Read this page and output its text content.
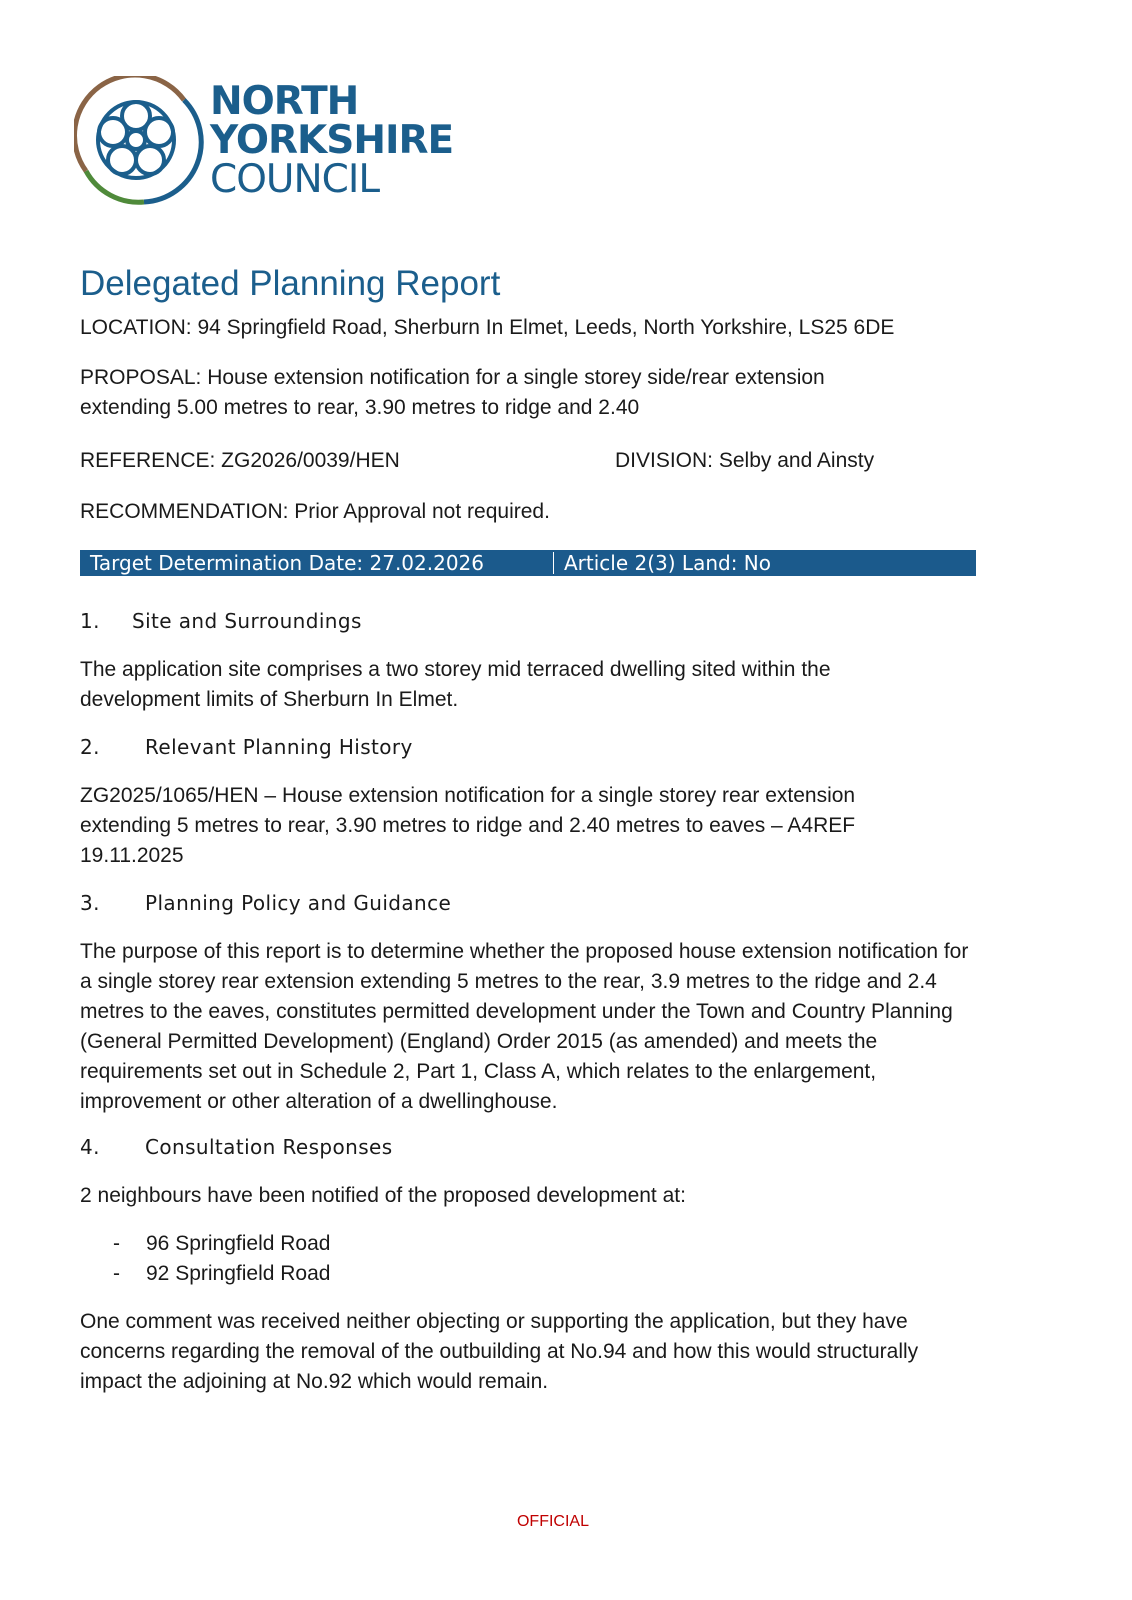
NORTH
YORKSHIRE
COUNCIL
Delegated Planning Report

LOCATION: 94 Springfield Road, Sherburn In Elmet, Leeds, North Yorkshire, LS25 6DE

PROPOSAL: House extension notification for a single storey side/rear extension extending 5.00 metres to rear, 3.90 metres to ridge and 2.40

REFERENCE: ZG2026/0039/HEN	DIVISION: Selby and Ainsty

RECOMMENDATION: Prior Approval not required.

Target Determination Date: 27.02.2026	Article 2(3) Land: No
1. Site and Surroundings

The application site comprises a two storey mid terraced dwelling sited within the development limits of Sherburn In Elmet.

2. Relevant Planning History

ZG2025/1065/HEN – House extension notification for a single storey rear extension extending 5 metres to rear, 3.90 metres to ridge and 2.40 metres to eaves – A4REF 19.11.2025

3. Planning Policy and Guidance

The purpose of this report is to determine whether the proposed house extension notification for a single storey rear extension extending 5 metres to the rear, 3.9 metres to the ridge and 2.4 metres to the eaves, constitutes permitted development under the Town and Country Planning (General Permitted Development) (England) Order 2015 (as amended) and meets the requirements set out in Schedule 2, Part 1, Class A, which relates to the enlargement, improvement or other alteration of a dwellinghouse.

4. Consultation Responses

2 neighbours have been notified of the proposed development at:

- 96 Springfield Road
- 92 Springfield Road

One comment was received neither objecting or supporting the application, but they have concerns regarding the removal of the outbuilding at No.94 and how this would structurally impact the adjoining at No.92 which would remain.

OFFICIAL
